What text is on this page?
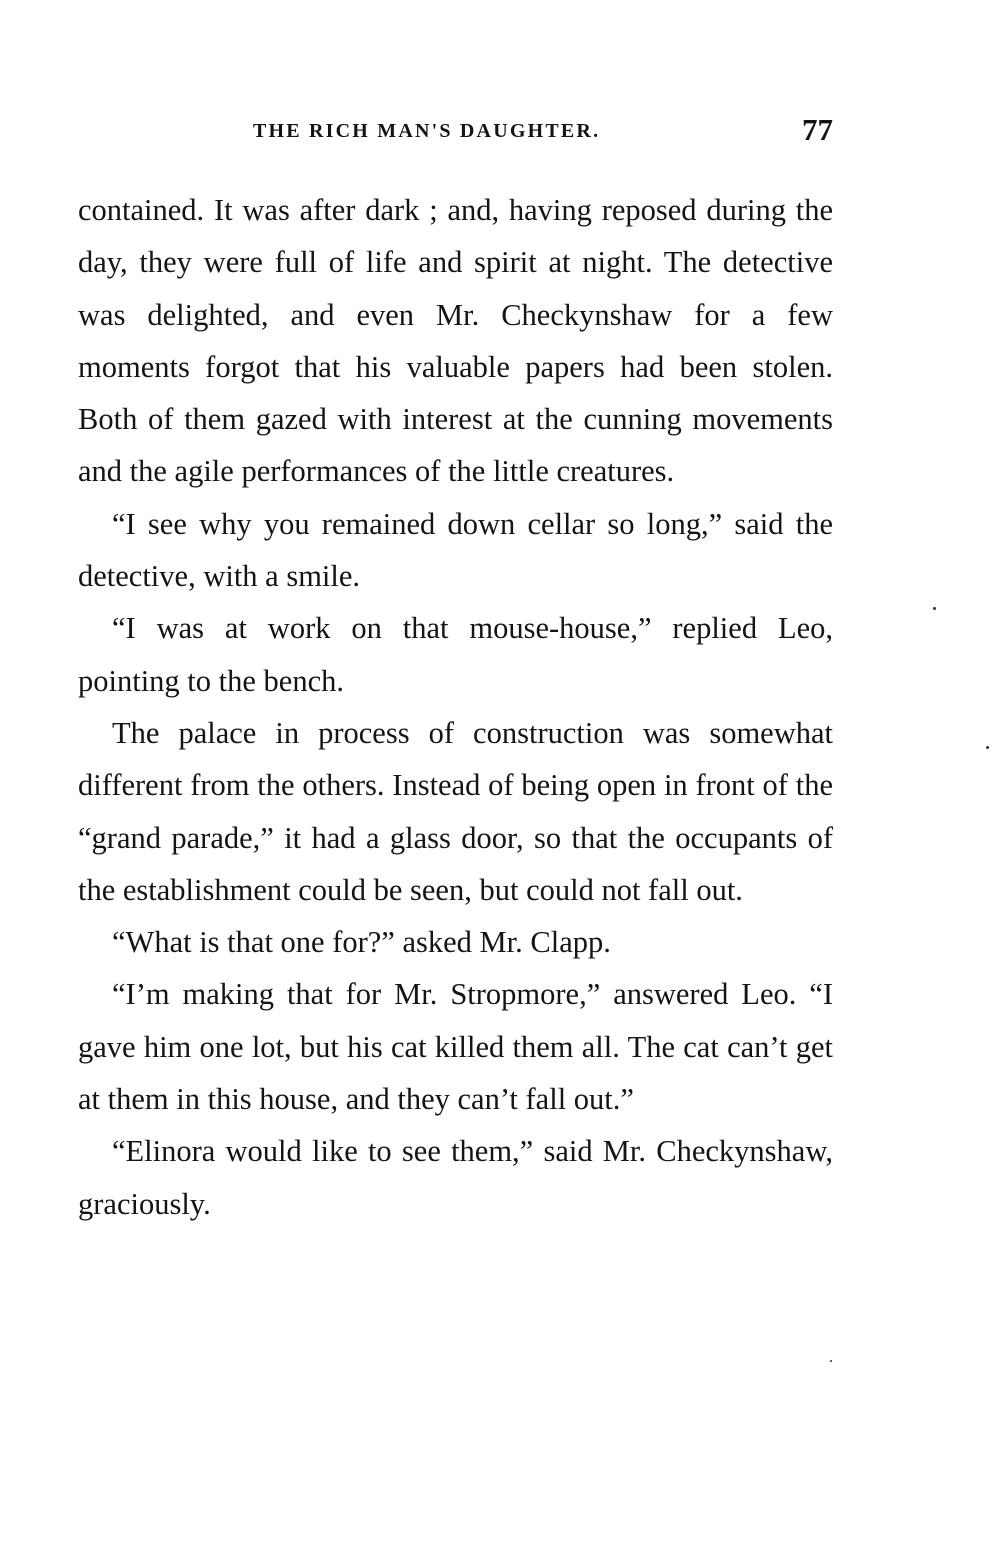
THE RICH MAN'S DAUGHTER.	77

contained. It was after dark ; and, having reposed during the day, they were full of life and spirit at night. The detective was delighted, and even Mr. Checkynshaw for a few moments forgot that his valuable papers had been stolen. Both of them gazed with interest at the cunning movements and the agile performances of the little creatures.

“I see why you remained down cellar so long,” said the detective, with a smile.

“I was at work on that mouse-house,” replied Leo, pointing to the bench.

The palace in process of construction was somewhat different from the others. Instead of being open in front of the “grand parade,” it had a glass door, so that the occupants of the establishment could be seen, but could not fall out.

“What is that one for?” asked Mr. Clapp.

“I’m making that for Mr. Stropmore,” answered Leo. “I gave him one lot, but his cat killed them all. The cat can’t get at them in this house, and they can’t fall out.”

“Elinora would like to see them,” said Mr. Checkynshaw, graciously.
